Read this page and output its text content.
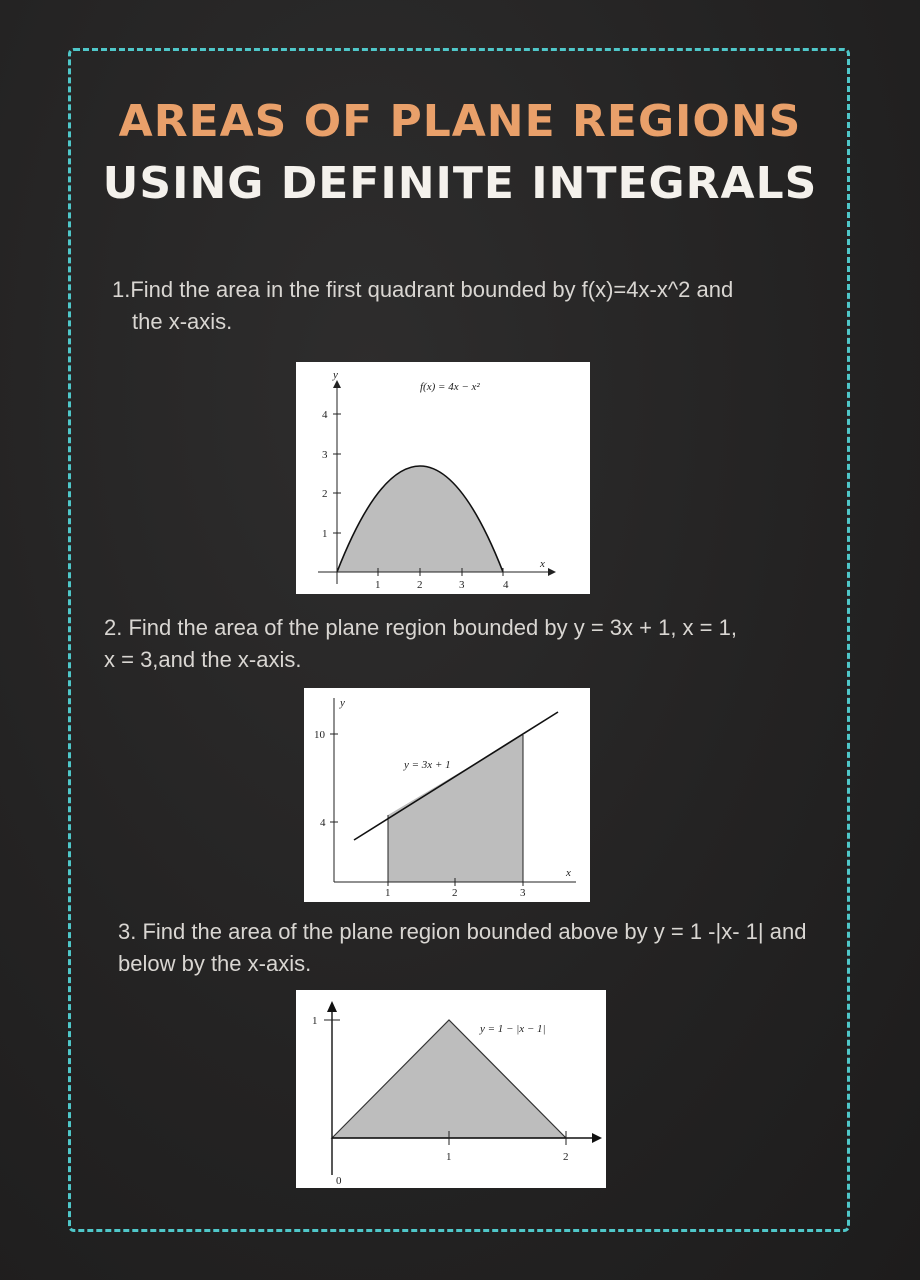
AREAS OF PLANE REGIONS
USING DEFINITE INTEGRALS
1.Find the area in the first quadrant bounded by f(x)=4x-x^2 and
the x-axis.
1	2	3	4
1
2
3
4
x
y
f(x) = 4x − x²
2. Find the area of the plane region bounded by y = 3x + 1, x = 1,
x = 3,and the x-axis.
1	2	3
4
10
x
y
y = 3x + 1
3. Find the area of the plane region bounded above by y = 1 -|x- 1| and
below by the x-axis.
1	2
1
0
y = 1 − |x − 1|
